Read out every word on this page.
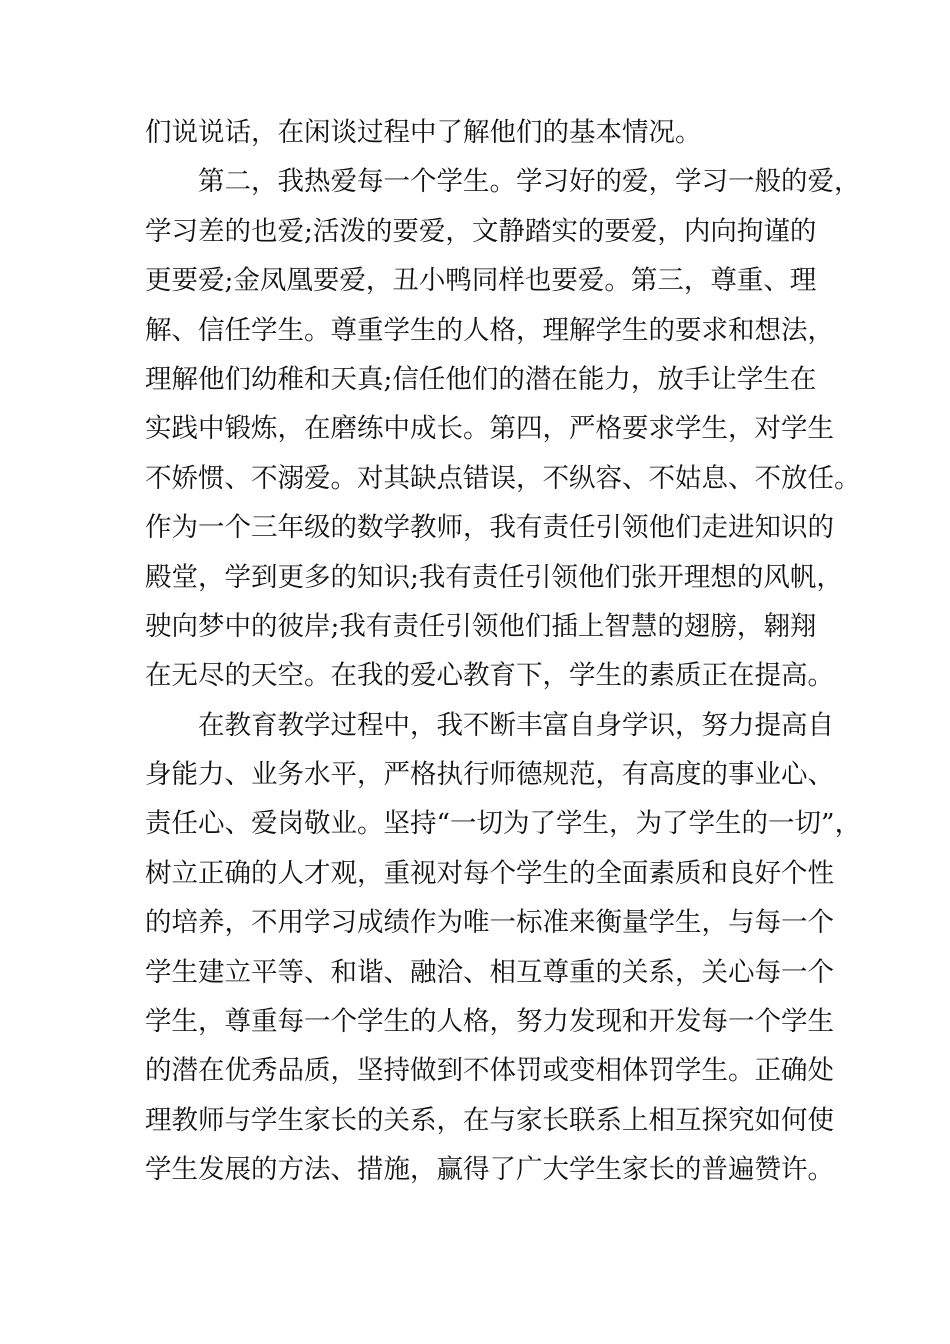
们说说话，在闲谈过程中了解他们的基本情况。
第二，我热爱每一个学生。学习好的爱，学习一般的爱，
学习差的也爱;活泼的要爱，文静踏实的要爱，内向拘谨的
更要爱;金凤凰要爱，丑小鸭同样也要爱。第三，尊重、理
解、信任学生。尊重学生的人格，理解学生的要求和想法，
理解他们幼稚和天真;信任他们的潜在能力，放手让学生在
实践中锻炼，在磨练中成长。第四，严格要求学生，对学生
不娇惯、不溺爱。对其缺点错误，不纵容、不姑息、不放任。
作为一个三年级的数学教师，我有责任引领他们走进知识的
殿堂，学到更多的知识;我有责任引领他们张开理想的风帆，
驶向梦中的彼岸;我有责任引领他们插上智慧的翅膀，翱翔
在无尽的天空。在我的爱心教育下，学生的素质正在提高。
在教育教学过程中，我不断丰富自身学识，努力提高自
身能力、业务水平，严格执行师德规范，有高度的事业心、
责任心、爱岗敬业。坚持“一切为了学生，为了学生的一切”，
树立正确的人才观，重视对每个学生的全面素质和良好个性
的培养，不用学习成绩作为唯一标准来衡量学生，与每一个
学生建立平等、和谐、融洽、相互尊重的关系，关心每一个
学生，尊重每一个学生的人格，努力发现和开发每一个学生
的潜在优秀品质，坚持做到不体罚或变相体罚学生。正确处
理教师与学生家长的关系，在与家长联系上相互探究如何使
学生发展的方法、措施，赢得了广大学生家长的普遍赞许。
